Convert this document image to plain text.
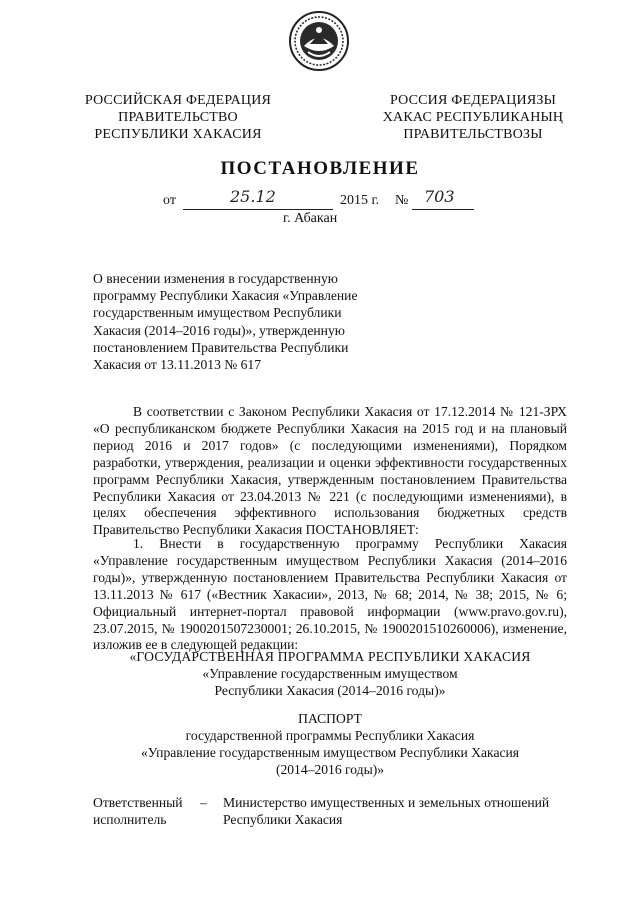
РОССИЙСКАЯ ФЕДЕРАЦИЯ
ПРАВИТЕЛЬСТВО
РЕСПУБЛИКИ ХАКАСИЯ
РОССИЯ ФЕДЕРАЦИЯЗЫ
ХАКАС РЕСПУБЛИКАНЫҢ
ПРАВИТЕЛЬСТВОЗЫ
ПОСТАНОВЛЕНИЕ
от	25.12	2015 г. № 703
г. Абакан

О внесении изменения в государственную

программу Республики Хакасия «Управление

государственным имуществом Республики

Хакасия (2014–2016 годы)», утвержденную

постановлением Правительства Республики

Хакасия от 13.11.2013 № 617

В соответствии с Законом Республики Хакасия от 17.12.2014 № 121-ЗРХ «О республиканском бюджете Республики Хакасия на 2015 год и на плановый период 2016 и 2017 годов» (с последующими изменениями), Порядком разработки, утверждения, реализации и оценки эффективности государственных программ Республики Хакасия, утвержденным постановлением Правительства Республики Хакасия от 23.04.2013 № 221 (с последующими изменениями), в целях обеспечения эффективного использования бюджетных средств Правительство Республики Хакасия ПОСТАНОВЛЯЕТ:

1. Внести в государственную программу Республики Хакасия «Управление государственным имуществом Республики Хакасия (2014–2016 годы)», утвержденную постановлением Правительства Республики Хакасия от 13.11.2013 № 617 («Вестник Хакасии», 2013, № 68; 2014, № 38; 2015, № 6; Официальный интернет-портал правовой информации (www.pravo.gov.ru), 23.07.2015, № 1900201507230001; 26.10.2015, № 1900201510260006), изменение, изложив ее в следующей редакции:

«ГОСУДАРСТВЕННАЯ ПРОГРАММА РЕСПУБЛИКИ ХАКАСИЯ
«Управление государственным имуществом
Республики Хакасия (2014–2016 годы)»
ПАСПОРТ
государственной программы Республики Хакасия
«Управление государственным имуществом Республики Хакасия
(2014–2016 годы)»
Ответственный
исполнитель
– Министерство имущественных и земельных отношений
Республики Хакасия
